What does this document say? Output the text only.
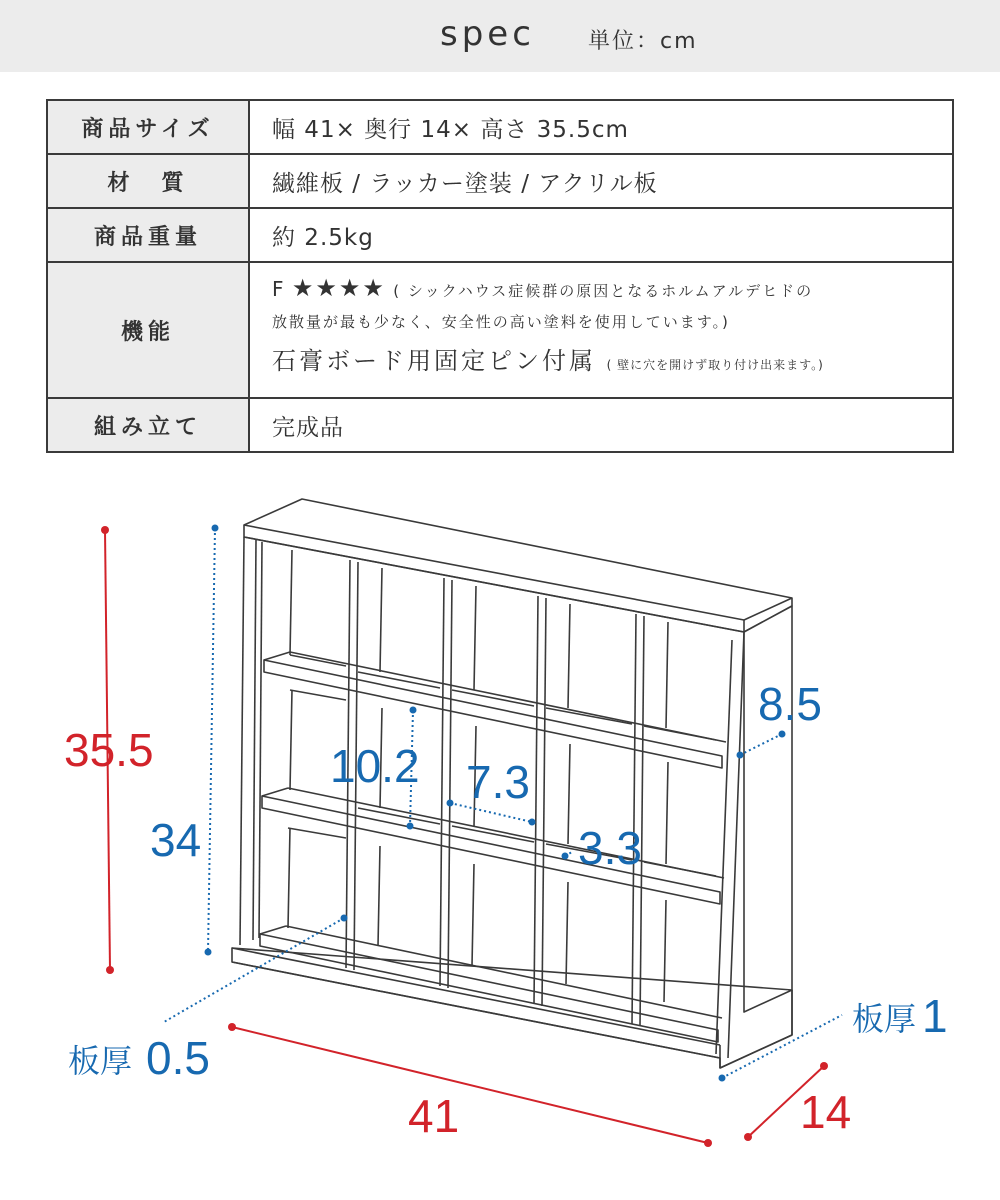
spec 単位：cm
商品サイズ	幅 41× 奥行 14× 高さ 35.5cm
材　質	繊維板 / ラッカー塗装 / アクリル板
商品重量	約 2.5kg
機能	F ★★★★ ( シックハウス症候群の原因となるホルムアルデヒドの
放散量が最も少なく、安全性の高い塗料を使用しています。)
石膏ボード用固定ピン付属 ( 壁に穴を開けず取り付け出来ます。)

組み立て	完成品
35.5
41	14
34
10.2 7.3
3.3
8.5
板厚 0.5
板厚 1
